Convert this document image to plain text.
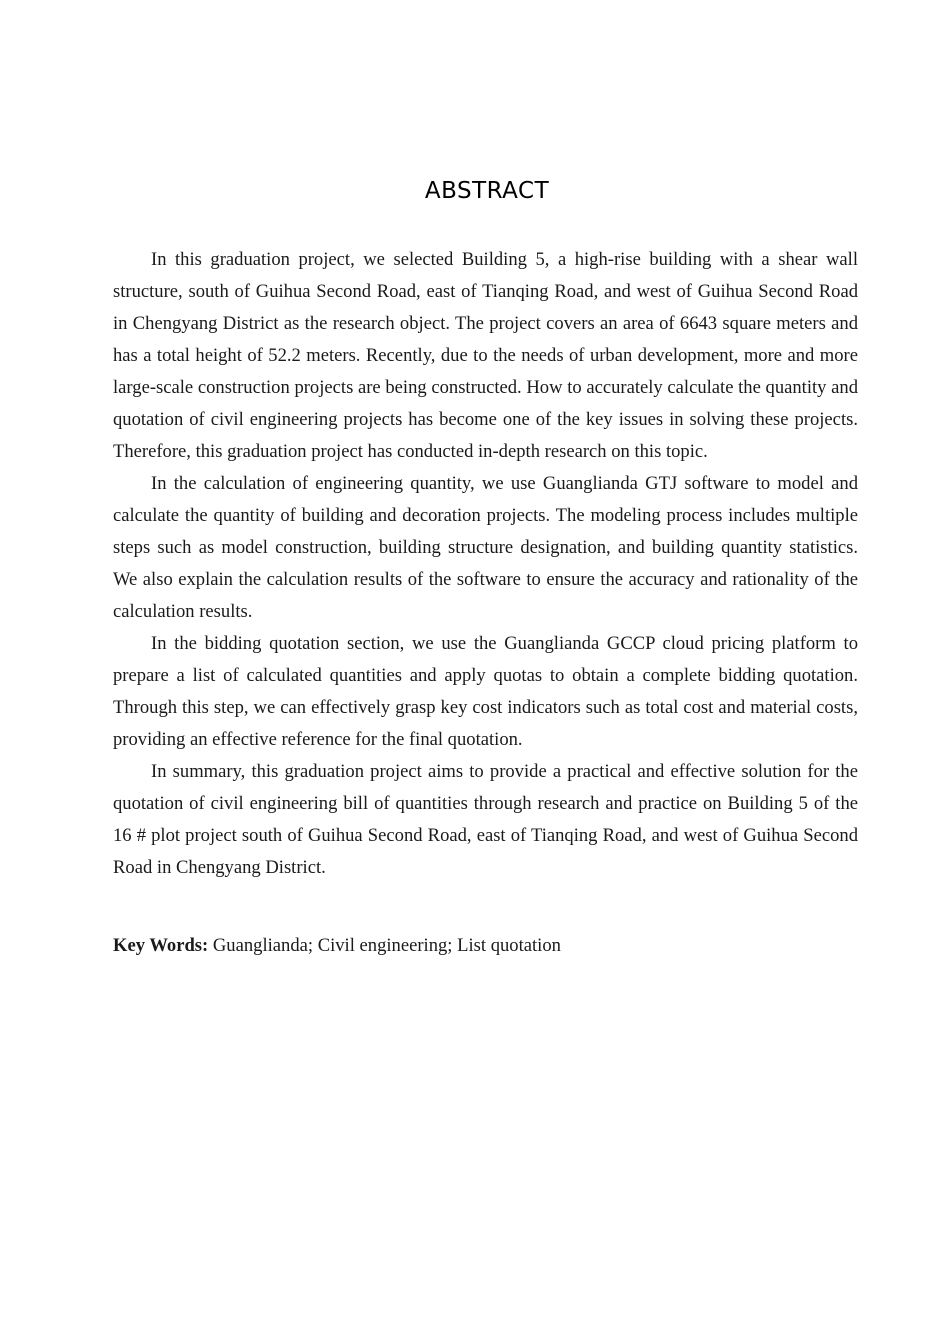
ABSTRACT

In this graduation project, we selected Building 5, a high-rise building with a shear wall structure, south of Guihua Second Road, east of Tianqing Road, and west of Guihua Second Road in Chengyang District as the research object. The project covers an area of 6643 square meters and has a total height of 52.2 meters. Recently, due to the needs of urban development, more and more large-scale construction projects are being constructed. How to accurately calculate the quantity and quotation of civil engineering projects has become one of the key issues in solving these projects. Therefore, this graduation project has conducted in-depth research on this topic.

In the calculation of engineering quantity, we use Guanglianda GTJ software to model and calculate the quantity of building and decoration projects. The modeling process includes multiple steps such as model construction, building structure designation, and building quantity statistics. We also explain the calculation results of the software to ensure the accuracy and rationality of the calculation results.

In the bidding quotation section, we use the Guanglianda GCCP cloud pricing platform to prepare a list of calculated quantities and apply quotas to obtain a complete bidding quotation. Through this step, we can effectively grasp key cost indicators such as total cost and material costs, providing an effective reference for the final quotation.

In summary, this graduation project aims to provide a practical and effective solution for the quotation of civil engineering bill of quantities through research and practice on Building 5 of the 16 # plot project south of Guihua Second Road, east of Tianqing Road, and west of Guihua Second Road in Chengyang District.

Key Words: Guanglianda; Civil engineering; List quotation
